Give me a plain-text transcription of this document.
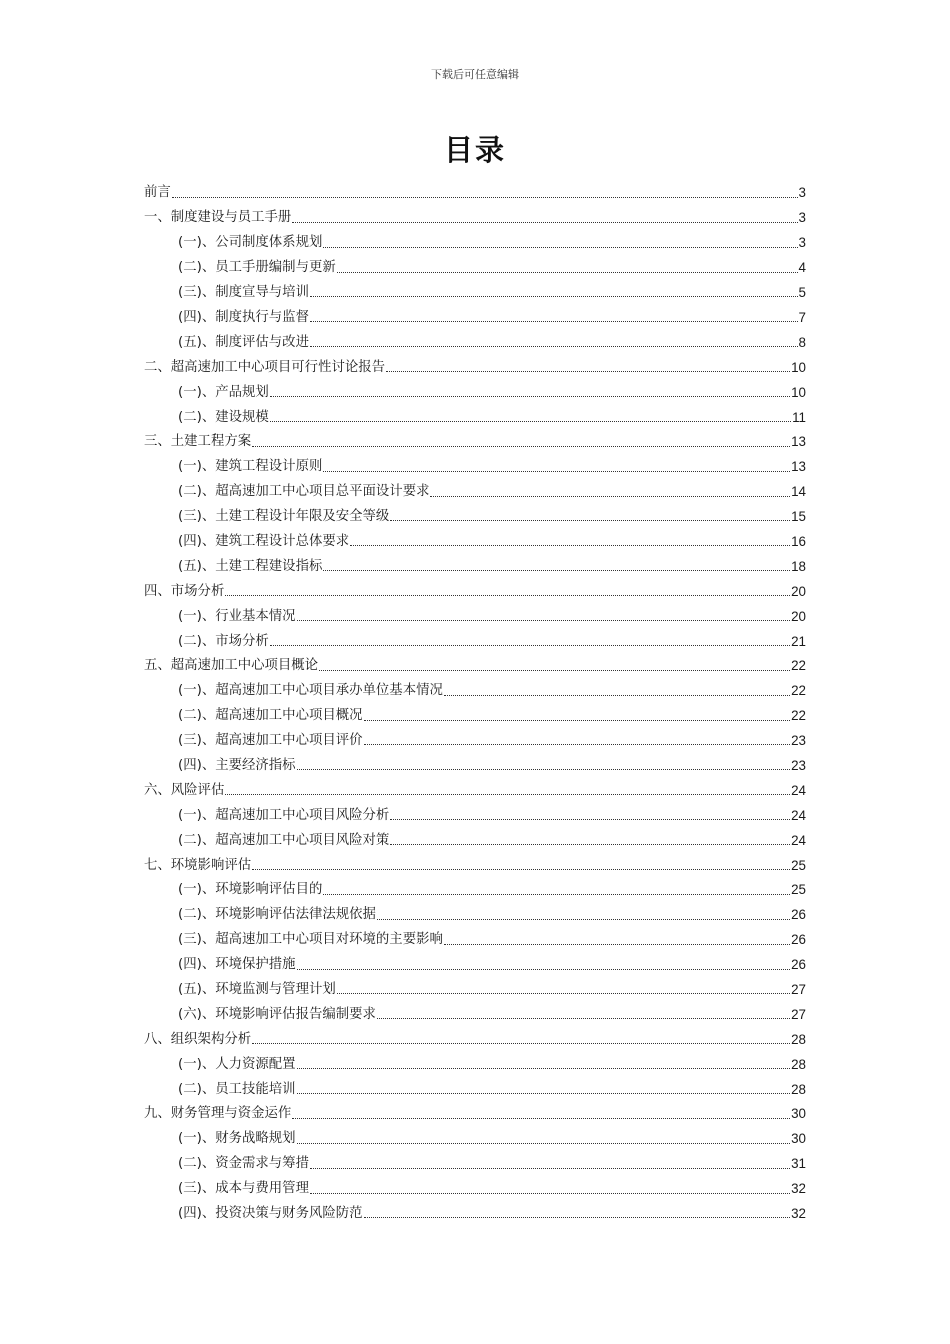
下载后可任意编辑
目录
前言	3
一、制度建设与员工手册	3
(一)、公司制度体系规划	3
(二)、员工手册编制与更新	4
(三)、制度宣导与培训	5
(四)、制度执行与监督	7
(五)、制度评估与改进	8
二、超高速加工中心项目可行性讨论报告	10
(一)、产品规划	10
(二)、建设规模	11
三、土建工程方案	13
(一)、建筑工程设计原则	13
(二)、超高速加工中心项目总平面设计要求	14
(三)、土建工程设计年限及安全等级	15
(四)、建筑工程设计总体要求	16
(五)、土建工程建设指标	18
四、市场分析	20
(一)、行业基本情况	20
(二)、市场分析	21
五、超高速加工中心项目概论	22
(一)、超高速加工中心项目承办单位基本情况	22
(二)、超高速加工中心项目概况	22
(三)、超高速加工中心项目评价	23
(四)、主要经济指标	23
六、风险评估	24
(一)、超高速加工中心项目风险分析	24
(二)、超高速加工中心项目风险对策	24
七、环境影响评估	25
(一)、环境影响评估目的	25
(二)、环境影响评估法律法规依据	26
(三)、超高速加工中心项目对环境的主要影响	26
(四)、环境保护措施	26
(五)、环境监测与管理计划	27
(六)、环境影响评估报告编制要求	27
八、组织架构分析	28
(一)、人力资源配置	28
(二)、员工技能培训	28
九、财务管理与资金运作	30
(一)、财务战略规划	30
(二)、资金需求与筹措	31
(三)、成本与费用管理	32
(四)、投资决策与财务风险防范	32
